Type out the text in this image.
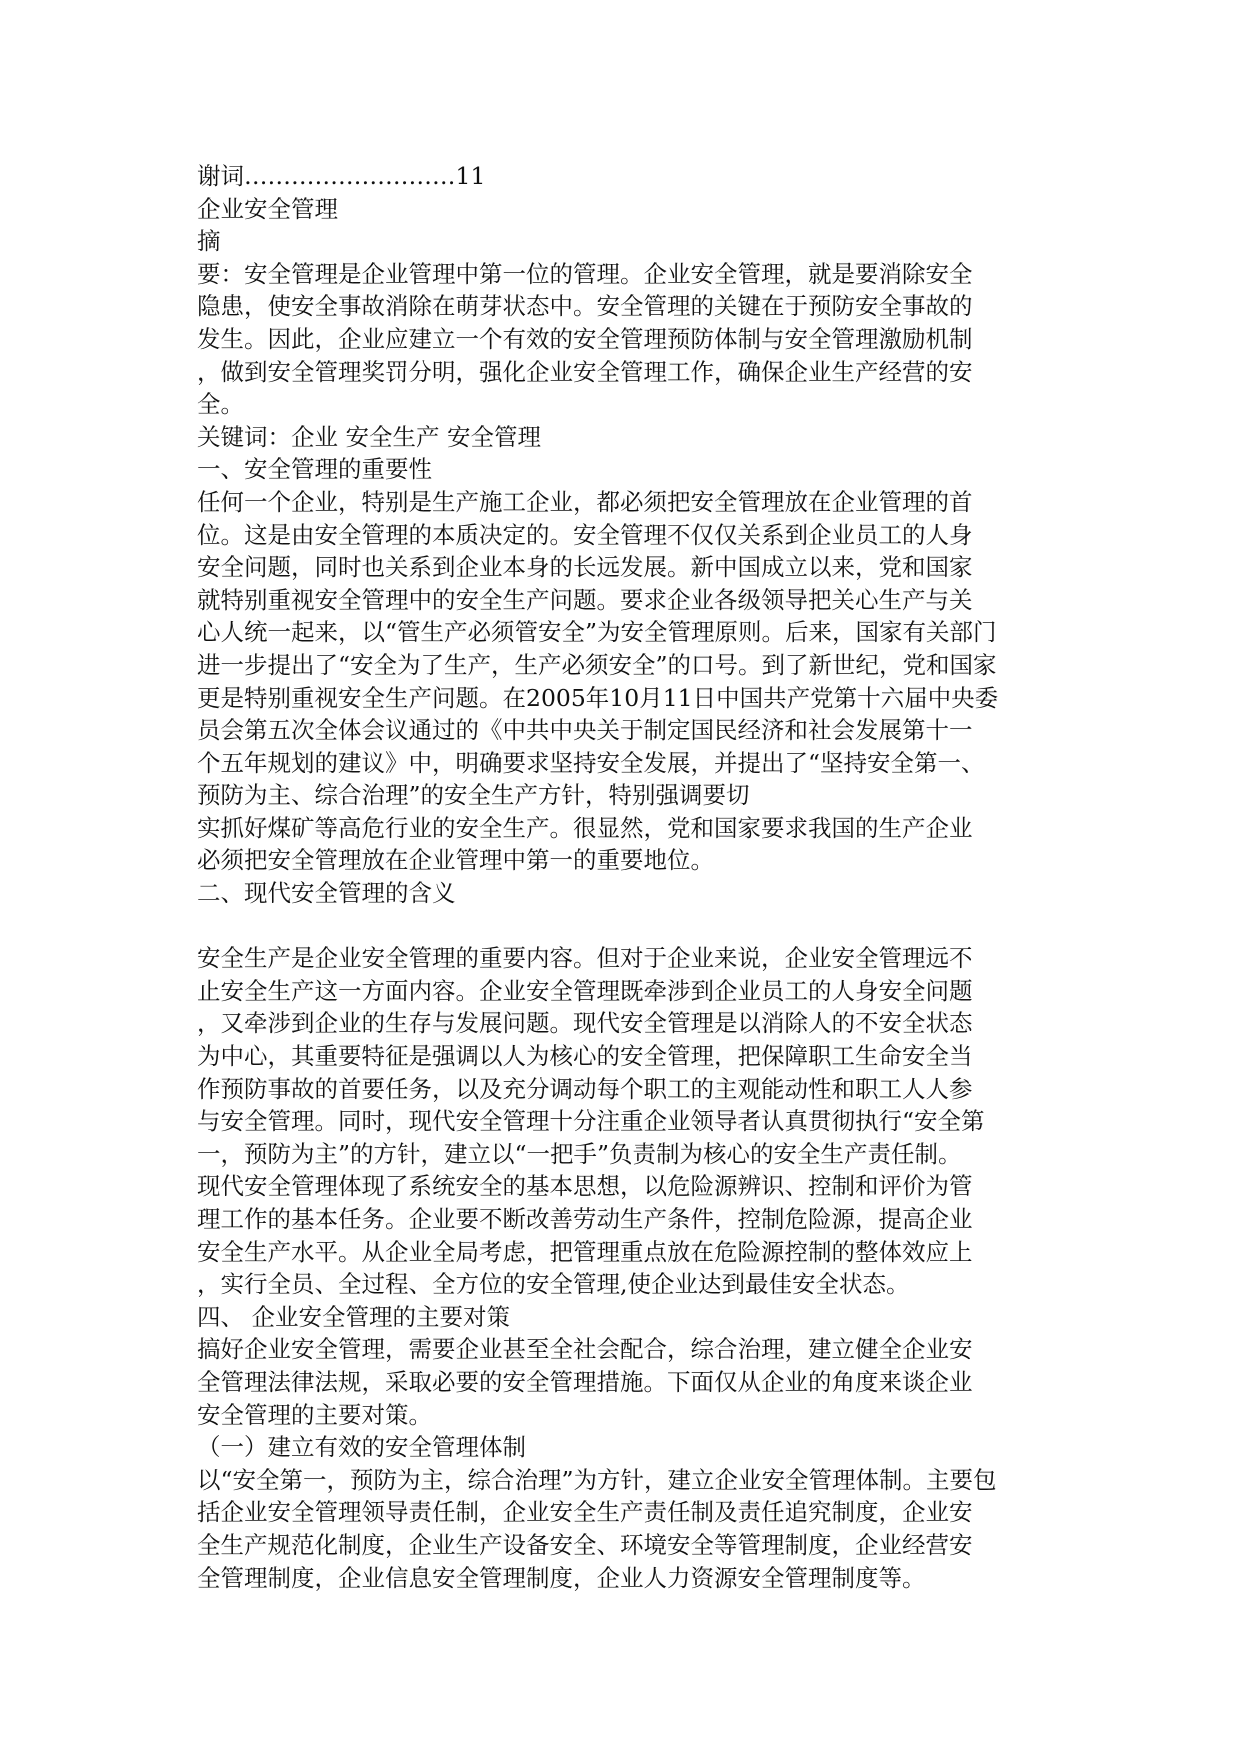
谢词………………………11
企业安全管理
摘
要：安全管理是企业管理中第一位的管理。企业安全管理，就是要消除安全
隐患，使安全事故消除在萌芽状态中。安全管理的关键在于预防安全事故的
发生。因此，企业应建立一个有效的安全管理预防体制与安全管理激励机制
，做到安全管理奖罚分明，强化企业安全管理工作，确保企业生产经营的安
全。
关键词：企业 安全生产 安全管理
一、安全管理的重要性
任何一个企业，特别是生产施工企业，都必须把安全管理放在企业管理的首
位。这是由安全管理的本质决定的。安全管理不仅仅关系到企业员工的人身
安全问题，同时也关系到企业本身的长远发展。新中国成立以来，党和国家
就特别重视安全管理中的安全生产问题。要求企业各级领导把关心生产与关
心人统一起来，以“管生产必须管安全”为安全管理原则。后来，国家有关部门
进一步提出了“安全为了生产，生产必须安全”的口号。到了新世纪，党和国家
更是特别重视安全生产问题。在2005年10月11日中国共产党第十六届中央委
员会第五次全体会议通过的《中共中央关于制定国民经济和社会发展第十一
个五年规划的建议》中，明确要求坚持安全发展，并提出了“坚持安全第一、
预防为主、综合治理”的安全生产方针，特别强调要切
实抓好煤矿等高危行业的安全生产。很显然，党和国家要求我国的生产企业
必须把安全管理放在企业管理中第一的重要地位。
二、现代安全管理的含义
安全生产是企业安全管理的重要内容。但对于企业来说，企业安全管理远不
止安全生产这一方面内容。企业安全管理既牵涉到企业员工的人身安全问题
，又牵涉到企业的生存与发展问题。现代安全管理是以消除人的不安全状态
为中心，其重要特征是强调以人为核心的安全管理，把保障职工生命安全当
作预防事故的首要任务，以及充分调动每个职工的主观能动性和职工人人参
与安全管理。同时，现代安全管理十分注重企业领导者认真贯彻执行“安全第
一，预防为主”的方针，建立以“一把手”负责制为核心的安全生产责任制。
现代安全管理体现了系统安全的基本思想，以危险源辨识、控制和评价为管
理工作的基本任务。企业要不断改善劳动生产条件，控制危险源，提高企业
安全生产水平。从企业全局考虑，把管理重点放在危险源控制的整体效应上
，实行全员、全过程、全方位的安全管理,使企业达到最佳安全状态。
四、 企业安全管理的主要对策
搞好企业安全管理，需要企业甚至全社会配合，综合治理，建立健全企业安
全管理法律法规，采取必要的安全管理措施。下面仅从企业的角度来谈企业
安全管理的主要对策。
（一）建立有效的安全管理体制
以“安全第一，预防为主，综合治理”为方针，建立企业安全管理体制。主要包
括企业安全管理领导责任制，企业安全生产责任制及责任追究制度，企业安
全生产规范化制度，企业生产设备安全、环境安全等管理制度，企业经营安
全管理制度，企业信息安全管理制度，企业人力资源安全管理制度等。
